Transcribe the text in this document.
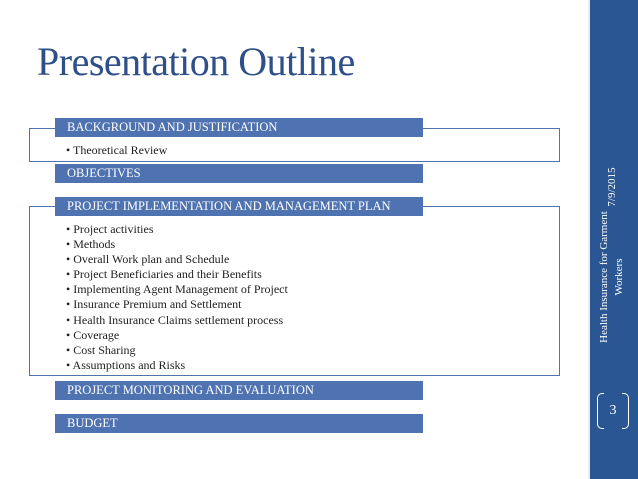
Presentation Outline
• Theoretical Review
BACKGROUND AND JUSTIFICATION
OBJECTIVES
• Project activities
• Methods
• Overall Work plan and Schedule
• Project Beneficiaries and their Benefits
• Implementing Agent Management of Project
• Insurance Premium and Settlement
• Health Insurance Claims settlement process
• Coverage
• Cost Sharing
• Assumptions and Risks
PROJECT IMPLEMENTATION AND MANAGEMENT PLAN
PROJECT MONITORING AND EVALUATION
BUDGET
7/9/2015
Health Insurance for Garment Workers
3
